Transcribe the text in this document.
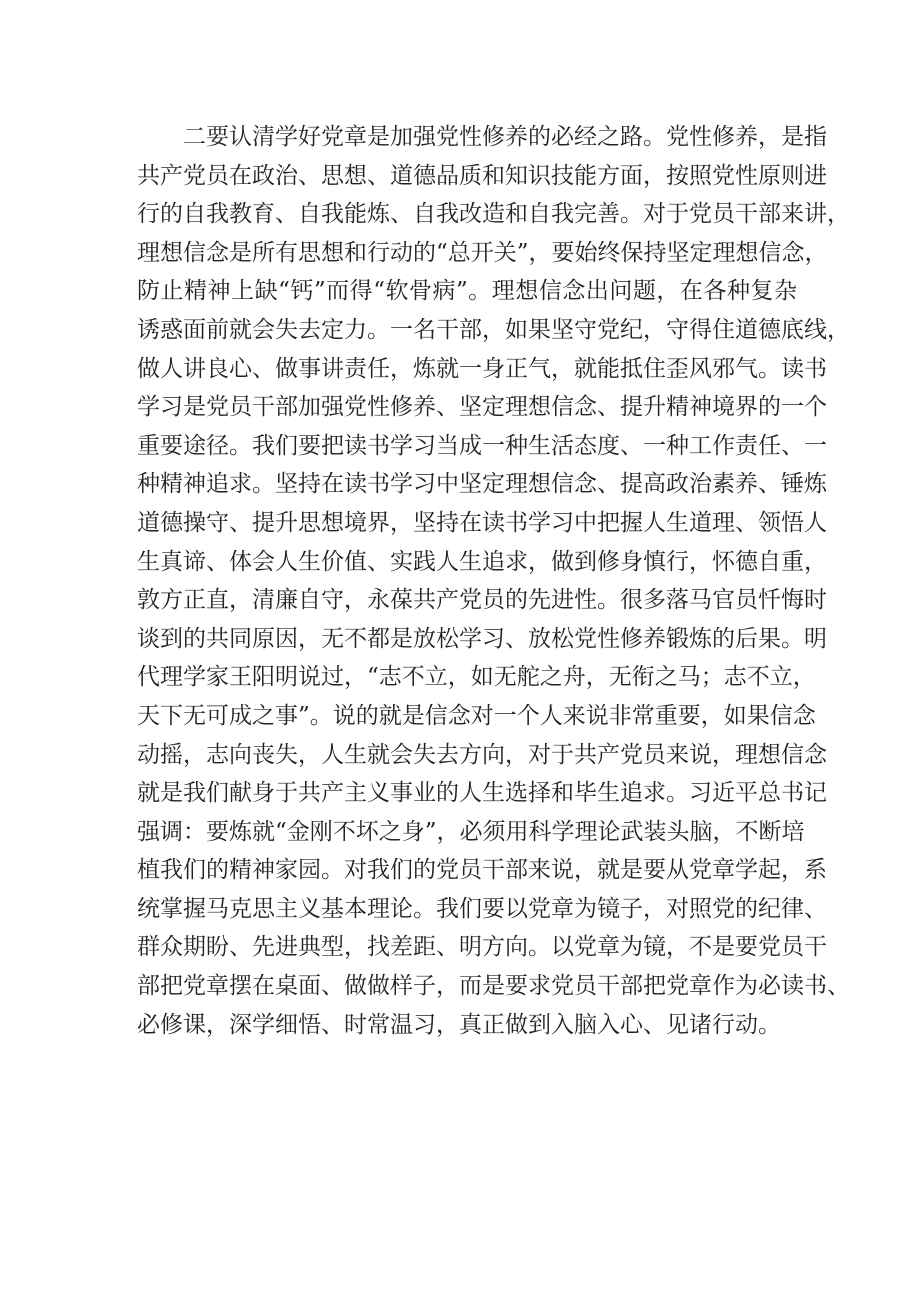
二要认清学好党章是加强党性修养的必经之路。党性修养，是指
共产党员在政治、思想、道德品质和知识技能方面，按照党性原则进
行的自我教育、自我能炼、自我改造和自我完善。对于党员干部来讲，
理想信念是所有思想和行动的“总开关”，要始终保持坚定理想信念，
防止精神上缺“钙”而得“软骨病”。理想信念出问题，在各种复杂
诱惑面前就会失去定力。一名干部，如果坚守党纪，守得住道德底线，
做人讲良心、做事讲责任，炼就一身正气，就能抵住歪风邪气。读书
学习是党员干部加强党性修养、坚定理想信念、提升精神境界的一个
重要途径。我们要把读书学习当成一种生活态度、一种工作责任、一
种精神追求。坚持在读书学习中坚定理想信念、提高政治素养、锤炼
道德操守、提升思想境界，坚持在读书学习中把握人生道理、领悟人
生真谛、体会人生价值、实践人生追求，做到修身慎行，怀德自重，
敦方正直，清廉自守，永葆共产党员的先进性。很多落马官员忏悔时
谈到的共同原因，无不都是放松学习、放松党性修养锻炼的后果。明
代理学家王阳明说过，“志不立，如无舵之舟，无衔之马；志不立，
天下无可成之事”。说的就是信念对一个人来说非常重要，如果信念
动摇，志向丧失，人生就会失去方向，对于共产党员来说，理想信念
就是我们献身于共产主义事业的人生选择和毕生追求。习近平总书记
强调：要炼就“金刚不坏之身”，必须用科学理论武装头脑，不断培
植我们的精神家园。对我们的党员干部来说，就是要从党章学起，系
统掌握马克思主义基本理论。我们要以党章为镜子，对照党的纪律、
群众期盼、先进典型，找差距、明方向。以党章为镜，不是要党员干
部把党章摆在桌面、做做样子，而是要求党员干部把党章作为必读书、
必修课，深学细悟、时常温习，真正做到入脑入心、见诸行动。
